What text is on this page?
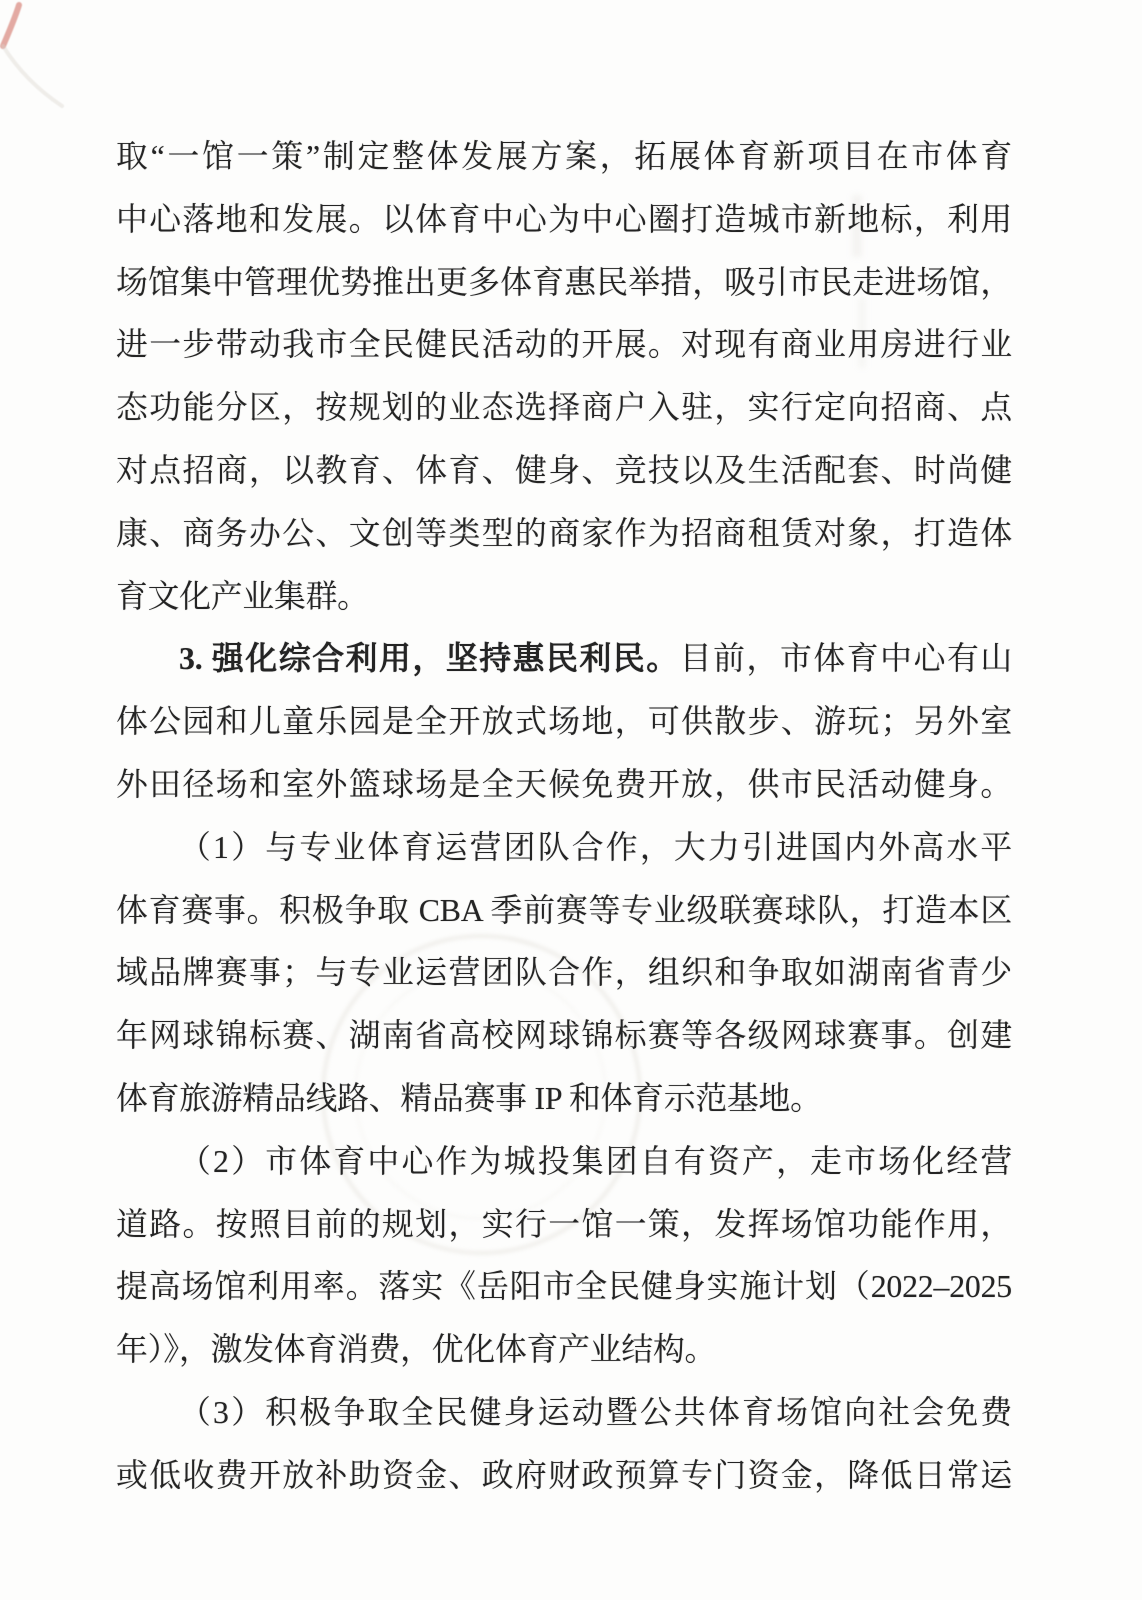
取“一馆一策”制定整体发展方案，拓展体育新项目在市体育
中心落地和发展。以体育中心为中心圈打造城市新地标，利用
场馆集中管理优势推出更多体育惠民举措，吸引市民走进场馆，
进一步带动我市全民健民活动的开展。对现有商业用房进行业
态功能分区，按规划的业态选择商户入驻，实行定向招商、点
对点招商，以教育、体育、健身、竞技以及生活配套、时尚健
康、商务办公、文创等类型的商家作为招商租赁对象，打造体
育文化产业集群。
3. 强化综合利用，坚持惠民利民。目前，市体育中心有山
体公园和儿童乐园是全开放式场地，可供散步、游玩；另外室
外田径场和室外篮球场是全天候免费开放，供市民活动健身。
（1）与专业体育运营团队合作，大力引进国内外高水平
体育赛事。积极争取 CBA 季前赛等专业级联赛球队，打造本区
域品牌赛事；与专业运营团队合作，组织和争取如湖南省青少
年网球锦标赛、湖南省高校网球锦标赛等各级网球赛事。创建
体育旅游精品线路、精品赛事 IP 和体育示范基地。
（2）市体育中心作为城投集团自有资产，走市场化经营
道路。按照目前的规划，实行一馆一策，发挥场馆功能作用，
提高场馆利用率。落实《岳阳市全民健身实施计划（2022–2025
年）》，激发体育消费，优化体育产业结构。
（3）积极争取全民健身运动暨公共体育场馆向社会免费
或低收费开放补助资金、政府财政预算专门资金，降低日常运
